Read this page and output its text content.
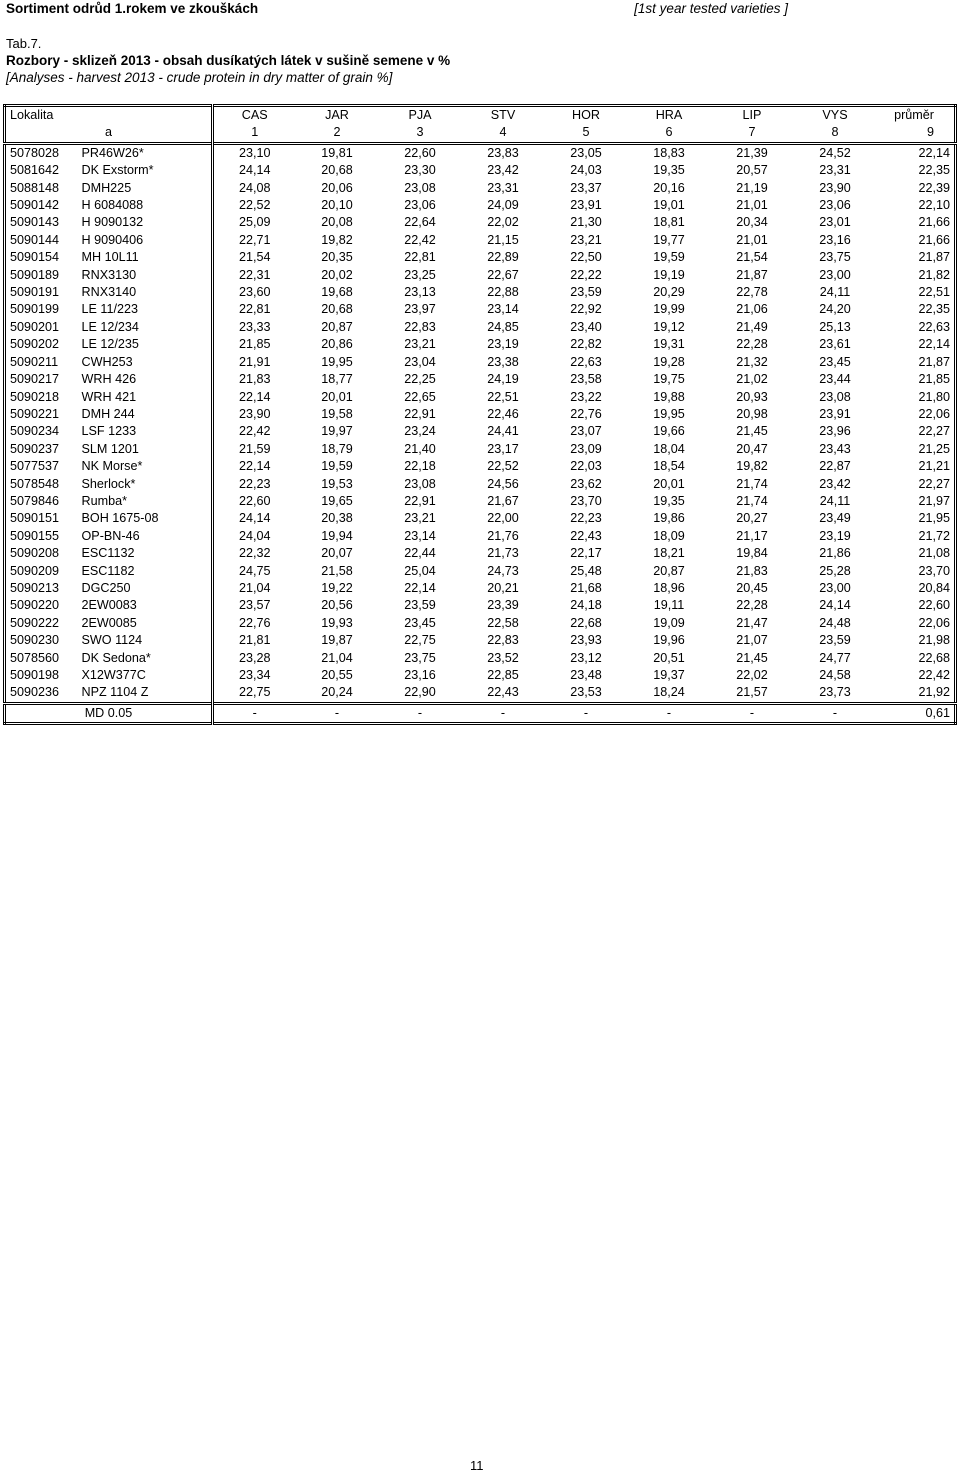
Sortiment odrůd 1.rokem ve zkouškách	[1st year tested varieties ]
Tab.7.
Rozbory - sklizeň 2013 - obsah dusíkatých látek v sušině semene v %
[Analyses - harvest 2013 - crude protein in dry matter of grain %]
Lokalita		CAS	JAR	PJA	STV	HOR	HRA	LIP	VYS	průměr
a		1	2	3	4	5	6	7	8	9
5078028	PR46W26*	23,10	19,81	22,60	23,83	23,05	18,83	21,39	24,52	22,14
5081642	DK Exstorm*	24,14	20,68	23,30	23,42	24,03	19,35	20,57	23,31	22,35
5088148	DMH225	24,08	20,06	23,08	23,31	23,37	20,16	21,19	23,90	22,39
5090142	H 6084088	22,52	20,10	23,06	24,09	23,91	19,01	21,01	23,06	22,10
5090143	H 9090132	25,09	20,08	22,64	22,02	21,30	18,81	20,34	23,01	21,66
5090144	H 9090406	22,71	19,82	22,42	21,15	23,21	19,77	21,01	23,16	21,66
5090154	MH 10L11	21,54	20,35	22,81	22,89	22,50	19,59	21,54	23,75	21,87
5090189	RNX3130	22,31	20,02	23,25	22,67	22,22	19,19	21,87	23,00	21,82
5090191	RNX3140	23,60	19,68	23,13	22,88	23,59	20,29	22,78	24,11	22,51
5090199	LE 11/223	22,81	20,68	23,97	23,14	22,92	19,99	21,06	24,20	22,35
5090201	LE 12/234	23,33	20,87	22,83	24,85	23,40	19,12	21,49	25,13	22,63
5090202	LE 12/235	21,85	20,86	23,21	23,19	22,82	19,31	22,28	23,61	22,14
5090211	CWH253	21,91	19,95	23,04	23,38	22,63	19,28	21,32	23,45	21,87
5090217	WRH 426	21,83	18,77	22,25	24,19	23,58	19,75	21,02	23,44	21,85
5090218	WRH 421	22,14	20,01	22,65	22,51	23,22	19,88	20,93	23,08	21,80
5090221	DMH 244	23,90	19,58	22,91	22,46	22,76	19,95	20,98	23,91	22,06
5090234	LSF 1233	22,42	19,97	23,24	24,41	23,07	19,66	21,45	23,96	22,27
5090237	SLM 1201	21,59	18,79	21,40	23,17	23,09	18,04	20,47	23,43	21,25
5077537	NK Morse*	22,14	19,59	22,18	22,52	22,03	18,54	19,82	22,87	21,21
5078548	Sherlock*	22,23	19,53	23,08	24,56	23,62	20,01	21,74	23,42	22,27
5079846	Rumba*	22,60	19,65	22,91	21,67	23,70	19,35	21,74	24,11	21,97
5090151	BOH 1675-08	24,14	20,38	23,21	22,00	22,23	19,86	20,27	23,49	21,95
5090155	OP-BN-46	24,04	19,94	23,14	21,76	22,43	18,09	21,17	23,19	21,72
5090208	ESC1132	22,32	20,07	22,44	21,73	22,17	18,21	19,84	21,86	21,08
5090209	ESC1182	24,75	21,58	25,04	24,73	25,48	20,87	21,83	25,28	23,70
5090213	DGC250	21,04	19,22	22,14	20,21	21,68	18,96	20,45	23,00	20,84
5090220	2EW0083	23,57	20,56	23,59	23,39	24,18	19,11	22,28	24,14	22,60
5090222	2EW0085	22,76	19,93	23,45	22,58	22,68	19,09	21,47	24,48	22,06
5090230	SWO 1124	21,81	19,87	22,75	22,83	23,93	19,96	21,07	23,59	21,98
5078560	DK Sedona*	23,28	21,04	23,75	23,52	23,12	20,51	21,45	24,77	22,68
5090198	X12W377C	23,34	20,55	23,16	22,85	23,48	19,37	22,02	24,58	22,42
5090236	NPZ 1104 Z	22,75	20,24	22,90	22,43	23,53	18,24	21,57	23,73	21,92
MD 0.05		-	-	-	-	-	-	-	-	0,61
11
